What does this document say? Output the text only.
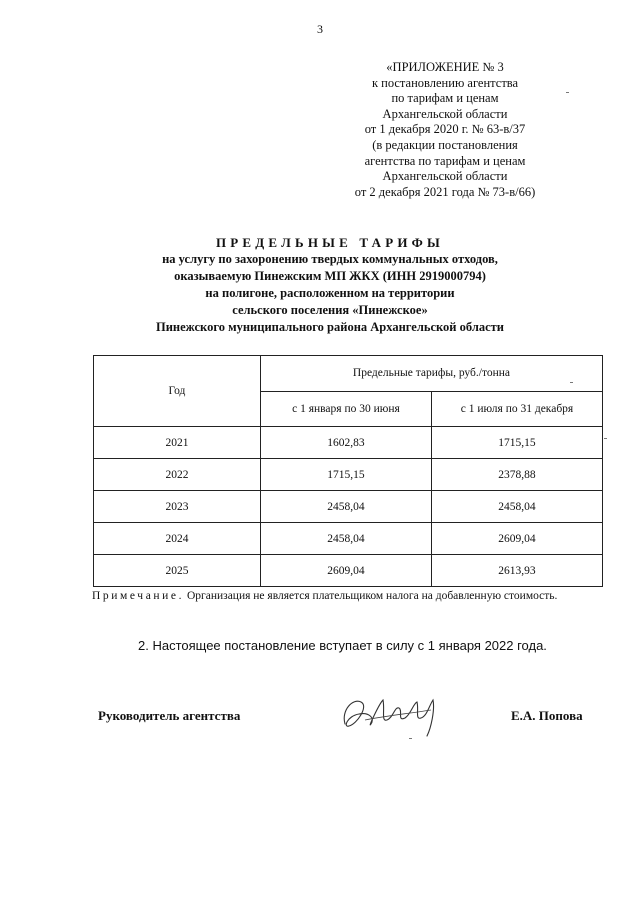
3
«ПРИЛОЖЕНИЕ № 3
к постановлению агентства
по тарифам и ценам
Архангельской области
от 1 декабря 2020 г. № 63-в/37
(в редакции постановления
агентства по тарифам и ценам
Архангельской области
от 2 декабря 2021 года № 73-в/66)
ПРЕДЕЛЬНЫЕ ТАРИФЫ
на услугу по захоронению твердых коммунальных отходов,
оказываемую Пинежским МП ЖКХ (ИНН 2919000794)
на полигоне, расположенном на территории
сельского поселения «Пинежское»
Пинежского муниципального района Архангельской области
Год	Предельные тарифы, руб./тонна	
	с 1 января по 30 июня	с 1 июля по 31 декабря
2021	1602,83	1715,15
2022	1715,15	2378,88
2023	2458,04	2458,04
2024	2458,04	2609,04
2025	2609,04	2613,93
Примечание. Организация не является плательщиком налога на добавленную стоимость.
2. Настоящее постановление вступает в силу с 1 января 2022 года.
Руководитель агентства	Е.А. Попова
